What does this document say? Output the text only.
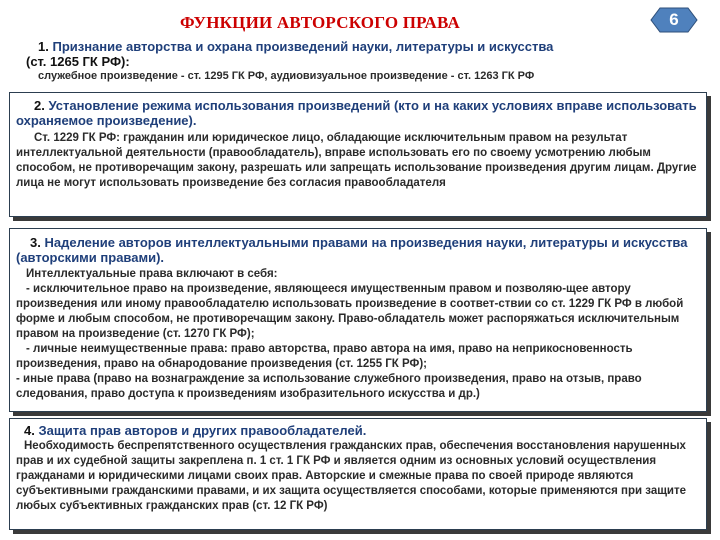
ФУНКЦИИ АВТОРСКОГО ПРАВА	6
1. Признание авторства и охрана произведений науки, литературы и искусства
(ст. 1265 ГК РФ):
служебное произведение - ст. 1295 ГК РФ, аудиовизуальное произведение - ст. 1263 ГК РФ
2. Установление режима использования произведений (кто и на каких условиях вправе использовать охраняемое произведение).
Ст. 1229 ГК РФ: гражданин или юридическое лицо, обладающие исключительным правом на результат интеллектуальной деятельности (правообладатель), вправе использовать его по своему усмотрению любым способом, не противоречащим закону, разрешать или запрещать использование произведения другим лицам. Другие лица не могут использовать произведение без согласия правообладателя
3. Наделение авторов интеллектуальными правами на произведения науки, литературы и искусства (авторскими правами).
Интеллектуальные права включают в себя:
- исключительное право на произведение, являющееся имущественным правом и позволяю-щее автору произведения или иному правообладателю использовать произведение в соответ-ствии со ст. 1229 ГК РФ в любой форме и любым способом, не противоречащим закону. Право-обладатель может распоряжаться исключительным правом на произведение (ст. 1270 ГК РФ);
- личные неимущественные права: право авторства, право автора на имя, право на неприкосновенность произведения, право на обнародование произведения (ст. 1255 ГК РФ);
- иные права (право на вознаграждение за использование служебного произведения, право на отзыв, право следования, право доступа к произведениям изобразительного искусства и др.)
4. Защита прав авторов и других правообладателей.
Необходимость беспрепятственного осуществления гражданских прав, обеспечения восстановления нарушенных прав и их судебной защиты закреплена п. 1 ст. 1 ГК РФ и является одним из основных условий осуществления гражданами и юридическими лицами своих прав. Авторские и смежные права по своей природе являются субъективными гражданскими правами, и их защита осуществляется способами, которые применяются при защите любых субъективных гражданских прав (ст. 12 ГК РФ)
